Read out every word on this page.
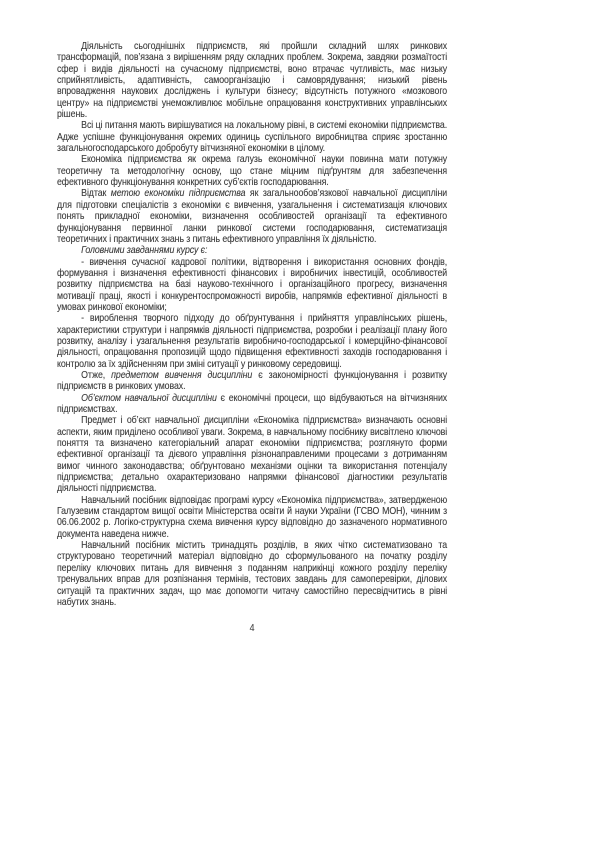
Діяльність сьогоднішніх підприємств, які пройшли складний шлях ринкових трансформацій, пов’язана з вирішенням ряду складних проблем. Зокрема, завдяки розмаїтості сфер і видів діяльності на сучасному підприємстві, воно втрачає чутливість, має низьку сприйнятливість, адаптивність, самоорганізацію і самоврядування; низький рівень впровадження наукових досліджень і культури бізнесу; відсутність потужного «мозкового центру» на підприємстві унеможливлює мобільне опрацювання конструктивних управлінських рішень.

Всі ці питання мають вирішуватися на локальному рівні, в системі економіки підприємства. Адже успішне функціонування окремих одиниць суспільного виробництва сприяє зростанню загальногосподарського добробуту вітчизняної економіки в цілому.

Економіка підприємства як окрема галузь економічної науки повинна мати потужну теоретичну та методологічну основу, що стане міцним підґрунтям для забезпечення ефективного функціонування конкретних суб’єктів господарювання.

Відтак метою економіки підприємства як загальнообов’язкової навчальної дисципліни для підготовки спеціалістів з економіки є вивчення, узагальнення і систематизація ключових понять прикладної економіки, визначення особливостей організації та ефективного функціонування первинної ланки ринкової системи господарювання, систематизація теоретичних і практичних знань з питань ефективного управління їх діяльністю.

Головними завданнями курсу є:

- вивчення сучасної кадрової політики, відтворення і використання основних фондів, формування і визначення ефективності фінансових і виробничих інвестицій, особливостей розвитку підприємства на базі науково-технічного і організаційного прогресу, визначення мотивації праці, якості і конкурентоспроможності виробів, напрямків ефективної діяльності в умовах ринкової економіки;

- вироблення творчого підходу до обґрунтування і прийняття управлінських рішень, характеристики структури і напрямків діяльності підприємства, розробки і реалізації плану його розвитку, аналізу і узагальнення результатів виробничо-господарської і комерційно-фінансової діяльності, опрацювання пропозицій щодо підвищення ефективності заходів господарювання і контролю за їх здійсненням при зміні ситуації у ринковому середовищі.

Отже, предметом вивчення дисципліни є закономірності функціонування і розвитку підприємств в ринкових умовах.

Об’єктом навчальної дисципліни є економічні процеси, що відбуваються на вітчизняних підприємствах.

Предмет і об’єкт навчальної дисципліни «Економіка підприємства» визначають основні аспекти, яким приділено особливої уваги. Зокрема, в навчальному посібнику висвітлено ключові поняття та визначено категоріальний апарат економіки підприємства; розглянуто форми ефективної організації та дієвого управління різнонаправленими процесами з дотриманням вимог чинного законодавства; обґрунтовано механізми оцінки та використання потенціалу підприємства; детально охарактеризовано напрямки фінансової діагностики результатів діяльності підприємства.

Навчальний посібник відповідає програмі курсу «Економіка підприємства», затвердженою Галузевим стандартом вищої освіти Міністерства освіти й науки України (ГСВО МОН), чинним з 06.06.2002 р. Логіко-структурна схема вивчення курсу відповідно до зазначеного нормативного документа наведена нижче.

Навчальний посібник містить тринадцять розділів, в яких чітко систематизовано та структуровано теоретичний матеріал відповідно до сформульованого на початку розділу переліку ключових питань для вивчення з поданням наприкінці кожного розділу переліку тренувальних вправ для розпізнання термінів, тестових завдань для самоперевірки, ділових ситуацій та практичних задач, що має допомогти читачу самостійно пересвідчитись в рівні набутих знань.

4
